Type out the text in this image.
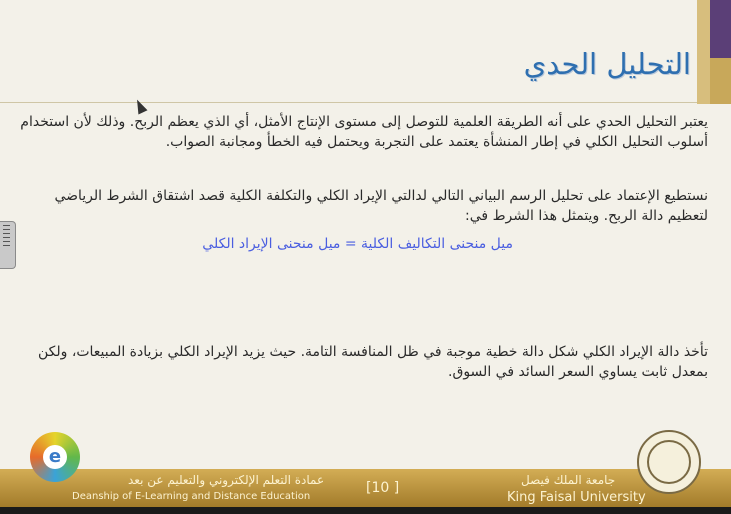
التحليل الحدي
يعتبر التحليل الحدي على أنه الطريقة العلمية للتوصل إلى مستوى الإنتاج الأمثل، أي الذي يعظم الربح. وذلك لأن استخدام أسلوب التحليل الكلي في إطار المنشأة يعتمد على التجربة ويحتمل فيه الخطأ ومجانبة الصواب.
نستطيع الإعتماد على تحليل الرسم البياني التالي لدالتي الإيراد الكلي والتكلفة الكلية قصد اشتقاق الشرط الرياضي لتعظيم دالة الربح. ويتمثل هذا الشرط في:
ميل منحنى التكاليف الكلية = ميل منحنى الإيراد الكلي
تأخذ دالة الإيراد الكلي شكل دالة خطية موجبة في ظل المنافسة التامة. حيث يزيد الإيراد الكلي بزيادة المبيعات، ولكن بمعدل ثابت يساوي السعر السائد في السوق.
عمادة التعلم الإلكتروني والتعليم عن بعد
Deanship of E-Learning and Distance Education
[10 ]	جامعة الملك فيصل
King Faisal University
e
